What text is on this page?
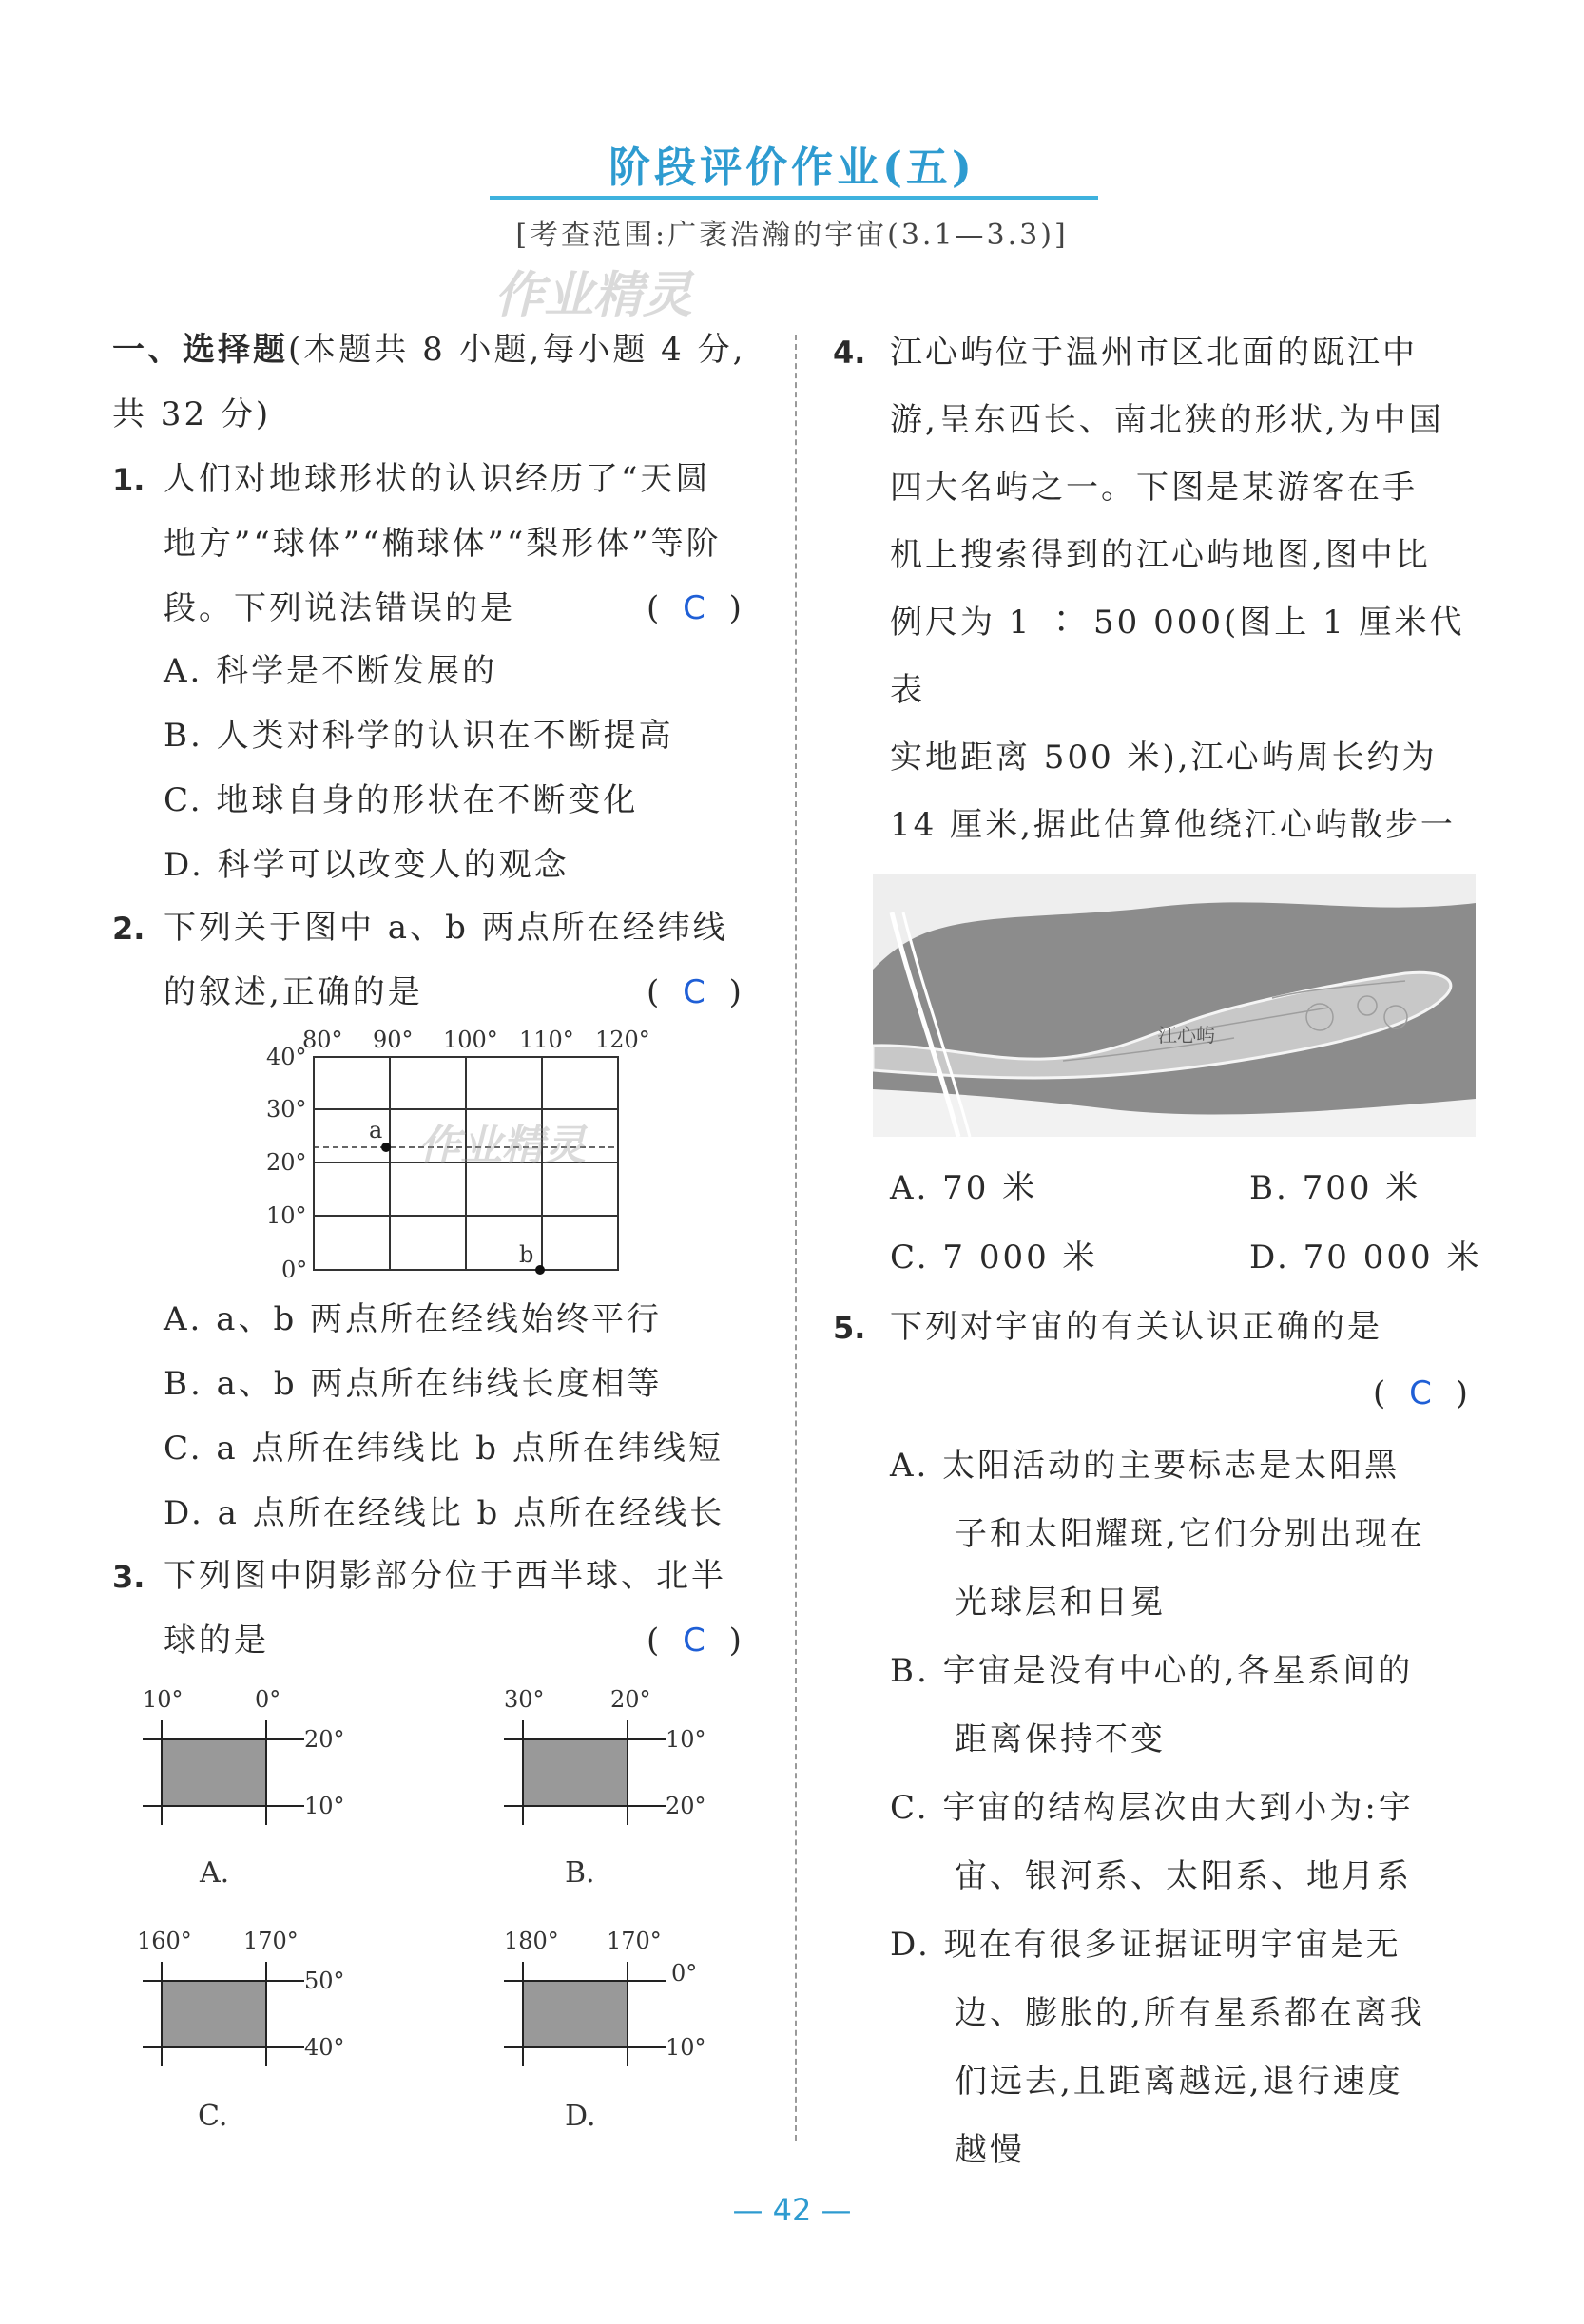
阶段评价作业(五)
[考查范围:广袤浩瀚的宇宙(3.1—3.3)]
作业精灵
一、选择题(本题共 8 小题,每小题 4 分,
共 32 分)
1. 人们对地球形状的认识经历了“天圆
地方”“球体”“椭球体”“梨形体”等阶
段。下列说法错误的是	( C )
A. 科学是不断发展的
B. 人类对科学的认识在不断提高
C. 地球自身的形状在不断变化
D. 科学可以改变人的观念
2. 下列关于图中 a、b 两点所在经纬线
的叙述,正确的是	( C )
80° 90° 100° 110° 120°
40°
30°
20°
10°
0°
a
b
作业精灵
A. a、b 两点所在经线始终平行
B. a、b 两点所在纬线长度相等
C. a 点所在纬线比 b 点所在纬线短
D. a 点所在经线比 b 点所在经线长
3. 下列图中阴影部分位于西半球、北半
球的是	( C )
10°	0°
20°
10°
A.
30°	20°
10°
20°
B.
160° 170°
50°
40°
C.
180° 170°
0°
10°
D.
4. 江心屿位于温州市区北面的瓯江中
游,呈东西长、南北狭的形状,为中国
四大名屿之一。下图是某游客在手
机上搜索得到的江心屿地图,图中比
例尺为 1 ∶ 50 000(图上 1 厘米代表
实地距离 500 米),江心屿周长约为
14 厘米,据此估算他绕江心屿散步一
江心屿
A. 70 米	B. 700 米
C. 7 000 米	D. 70 000 米
5. 下列对宇宙的有关认识正确的是
( C )
A. 太阳活动的主要标志是太阳黑
子和太阳耀斑,它们分别出现在
光球层和日冕
B. 宇宙是没有中心的,各星系间的
距离保持不变
C. 宇宙的结构层次由大到小为:宇
宙、银河系、太阳系、地月系
D. 现在有很多证据证明宇宙是无
边、膨胀的,所有星系都在离我
们远去,且距离越远,退行速度
越慢
— 42 —
